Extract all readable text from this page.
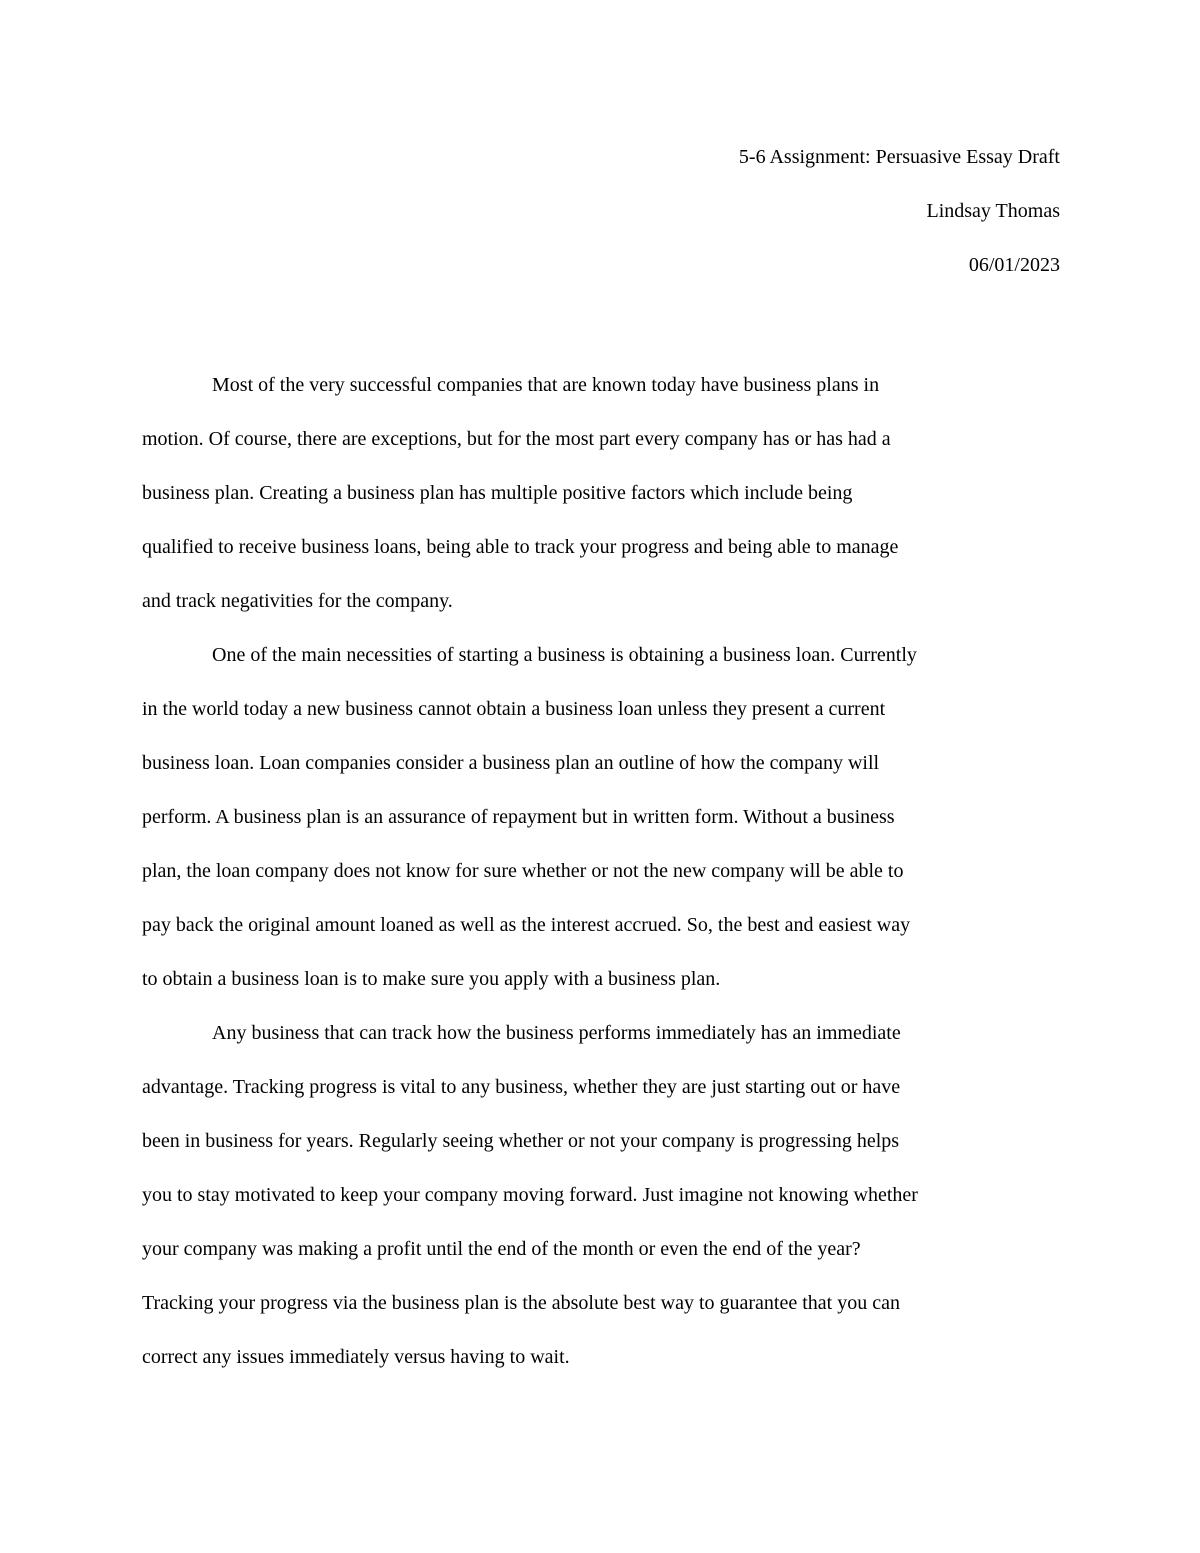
5-6 Assignment: Persuasive Essay Draft
Lindsay Thomas
06/01/2023

Most of the very successful companies that are known today have business plans in
motion. Of course, there are exceptions, but for the most part every company has or has had a
business plan. Creating a business plan has multiple positive factors which include being
qualified to receive business loans, being able to track your progress and being able to manage
and track negativities for the company.

One of the main necessities of starting a business is obtaining a business loan. Currently
in the world today a new business cannot obtain a business loan unless they present a current
business loan. Loan companies consider a business plan an outline of how the company will
perform. A business plan is an assurance of repayment but in written form. Without a business
plan, the loan company does not know for sure whether or not the new company will be able to
pay back the original amount loaned as well as the interest accrued. So, the best and easiest way
to obtain a business loan is to make sure you apply with a business plan.

Any business that can track how the business performs immediately has an immediate
advantage. Tracking progress is vital to any business, whether they are just starting out or have
been in business for years. Regularly seeing whether or not your company is progressing helps
you to stay motivated to keep your company moving forward. Just imagine not knowing whether
your company was making a profit until the end of the month or even the end of the year?
Tracking your progress via the business plan is the absolute best way to guarantee that you can
correct any issues immediately versus having to wait.
